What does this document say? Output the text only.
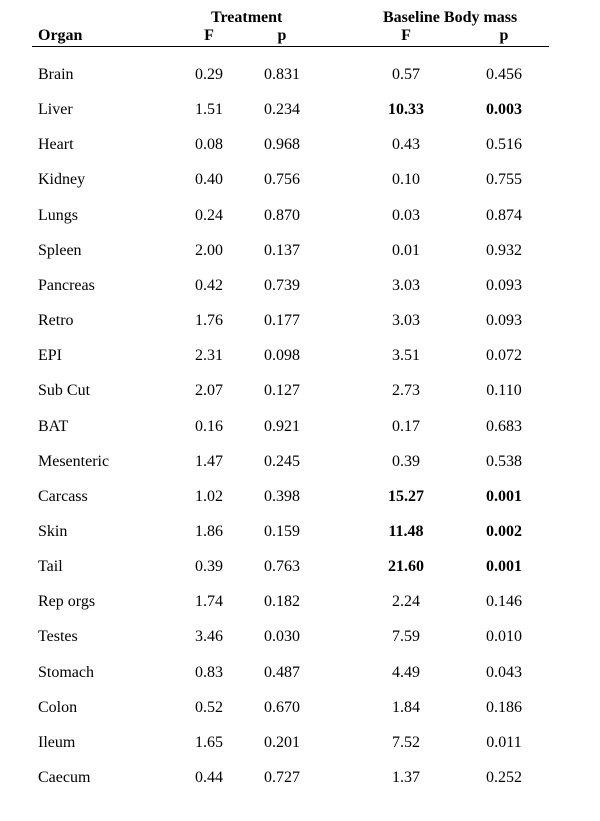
Treatment	Baseline Body mass
Organ	F	p	F	p
Brain	0.29	0.831	0.57	0.456
Liver	1.51	0.234	10.33	0.003
Heart	0.08	0.968	0.43	0.516
Kidney	0.40	0.756	0.10	0.755
Lungs	0.24	0.870	0.03	0.874
Spleen	2.00	0.137	0.01	0.932
Pancreas	0.42	0.739	3.03	0.093
Retro	1.76	0.177	3.03	0.093
EPI	2.31	0.098	3.51	0.072
Sub Cut	2.07	0.127	2.73	0.110
BAT	0.16	0.921	0.17	0.683
Mesenteric	1.47	0.245	0.39	0.538
Carcass	1.02	0.398	15.27	0.001
Skin	1.86	0.159	11.48	0.002
Tail	0.39	0.763	21.60	0.001
Rep orgs	1.74	0.182	2.24	0.146
Testes	3.46	0.030	7.59	0.010
Stomach	0.83	0.487	4.49	0.043
Colon	0.52	0.670	1.84	0.186
Ileum	1.65	0.201	7.52	0.011
Caecum	0.44	0.727	1.37	0.252
